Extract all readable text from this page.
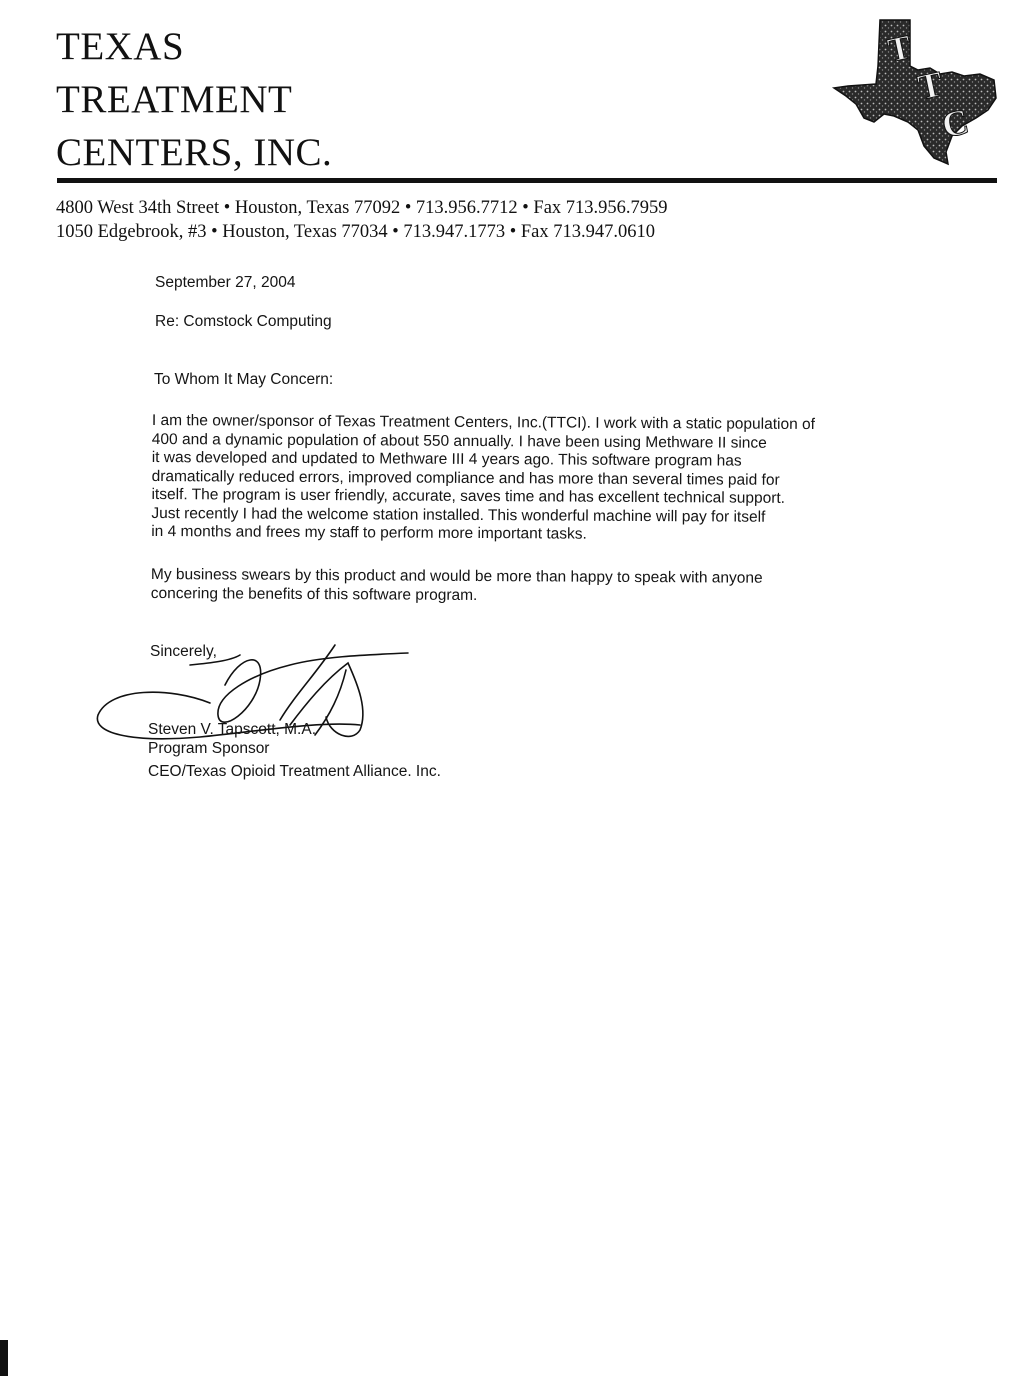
TEXAS
TREATMENT
CENTERS, INC.
T
T
C
4800 West 34th Street • Houston, Texas 77092 • 713.956.7712 • Fax 713.956.7959
1050 Edgebrook, #3 • Houston, Texas 77034 • 713.947.1773 • Fax 713.947.0610
September 27, 2004
Re: Comstock Computing
To Whom It May Concern:
I am the owner/sponsor of Texas Treatment Centers, Inc.(TTCI). I work with a static population of
400 and a dynamic population of about 550 annually. I have been using Methware II since
it was developed and updated to Methware III 4 years ago. This software program has
dramatically reduced errors, improved compliance and has more than several times paid for
itself. The program is user friendly, accurate, saves time and has excellent technical support.
Just recently I had the welcome station installed. This wonderful machine will pay for itself
in 4 months and frees my staff to perform more important tasks.
My business swears by this product and would be more than happy to speak with anyone
concering the benefits of this software program.
Sincerely,
Steven V. Tapscott, M.A.
Program Sponsor
CEO/Texas Opioid Treatment Alliance. Inc.
